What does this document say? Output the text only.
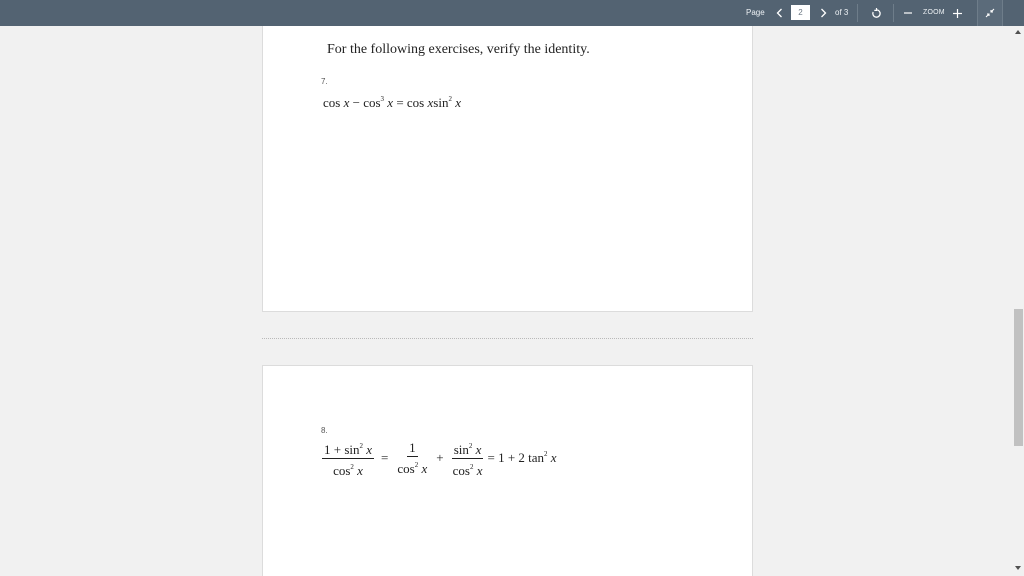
Page
2	of 3	ZOOM
For the following exercises, verify the identity.
7.
$\cos x - \cos^3 x = \cos xsin^2$ x
8.
$\frac{1 + \sin^2 x}{\cos^2 x} = \frac{1}{\cos^2 x} + \frac{\sin^2 x}{\cos^2 x} = 1 + 2$ $\tan^2 x$
